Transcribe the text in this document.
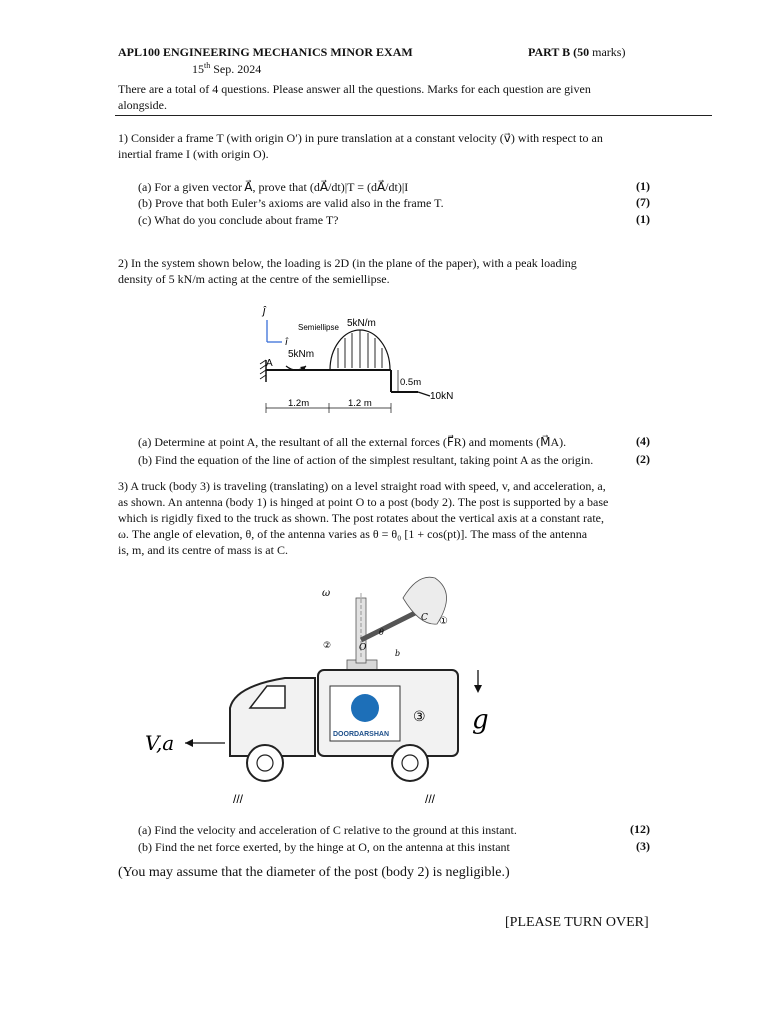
APL100 ENGINEERING MECHANICS MINOR EXAM	PART B (50 marks)
15th Sep. 2024
There are a total of 4 questions. Please answer all the questions. Marks for each question are given alongside.
1) Consider a frame T (with origin O′) in pure translation at a constant velocity (v⃗) with respect to an
inertial frame I (with origin O).
(a) For a given vector A⃗, prove that (dA⃗/dt)|T = (dA⃗/dt)|I	(1)
(b) Prove that both Euler’s axioms are valid also in the frame T.	(7)
(c) What do you conclude about frame T?	(1)
2) In the system shown below, the loading is 2D (in the plane of the paper), with a peak loading
density of 5 kN/m acting at the centre of the semiellipse.
ĵ
î
Semiellipse 5kN/m
5kNm
A
0.5m
10kN
1.2m	1.2 m
(a) Determine at point A, the resultant of all the external forces (F⃗R) and moments (M⃗A).	(4)
(b) Find the equation of the line of action of the simplest resultant, taking point A as the origin.	(2)
3) A truck (body 3) is traveling (translating) on a level straight road with speed, v, and acceleration, a,
as shown. An antenna (body 1) is hinged at point O to a post (body 2). The post is supported by a base
which is rigidly fixed to the truck as shown. The post rotates about the vertical axis at a constant rate,
ω. The angle of elevation, θ, of the antenna varies as θ = θ₀ [1 + cos(pt)]. The mass of the antenna
is, m, and its centre of mass is at C.
ω
②
①
O
C
θ
b
DOORDARSHAN
③
///	///
V,a
g
(a) Find the velocity and acceleration of C relative to the ground at this instant.	(12)
(b) Find the net force exerted, by the hinge at O, on the antenna at this instant	(3)
(You may assume that the diameter of the post (body 2) is negligible.)
[PLEASE TURN OVER]
